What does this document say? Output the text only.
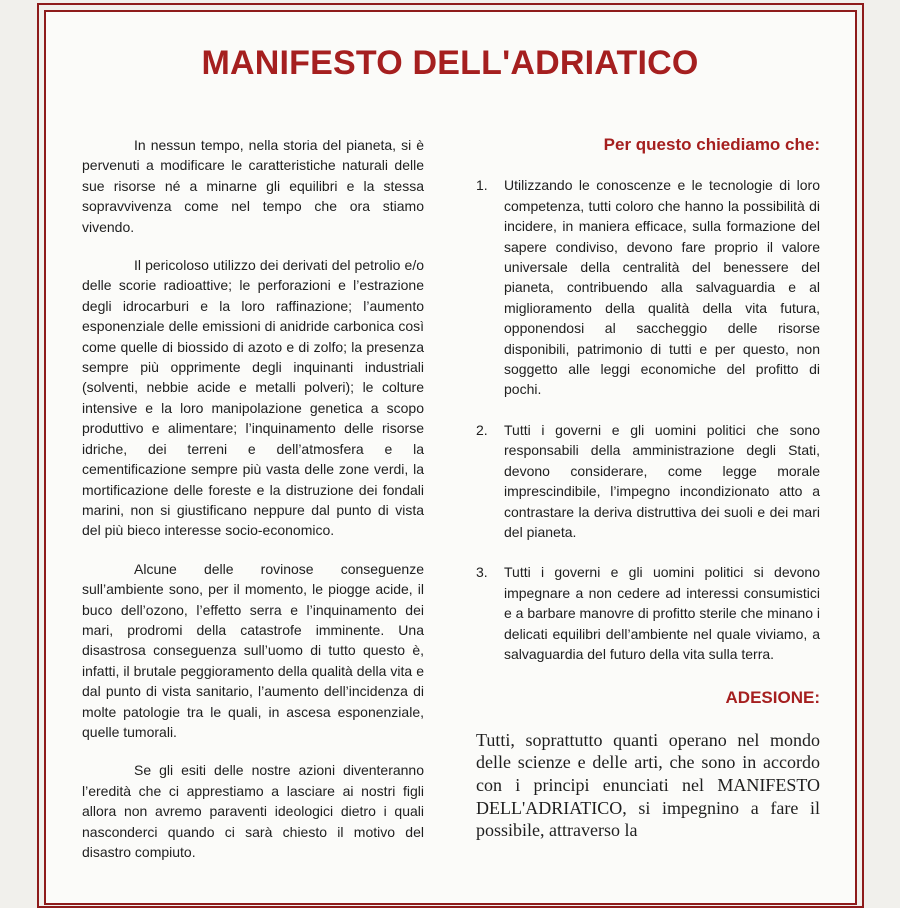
MANIFESTO DELL'ADRIATICO

In nessun tempo, nella storia del pianeta, si è pervenuti a modificare le caratteristiche naturali delle sue risorse né a minarne gli equilibri e la stessa sopravvivenza come nel tempo che ora stiamo vivendo.

Il pericoloso utilizzo dei derivati del petrolio e/o delle scorie radioattive; le perforazioni e l’estrazione degli idrocarburi e la loro raffinazione; l’aumento esponenziale delle emissioni di anidride carbonica così come quelle di biossido di azoto e di zolfo; la presenza sempre più opprimente degli inquinanti industriali (solventi, nebbie acide e metalli polveri); le colture intensive e la loro manipolazione genetica a scopo produttivo e alimentare; l’inquinamento delle risorse idriche, dei terreni e dell’atmosfera e la cementificazione sempre più vasta delle zone verdi, la mortificazione delle foreste e la distruzione dei fondali marini, non si giustificano neppure dal punto di vista del più bieco interesse socio-economico.

Alcune delle rovinose conseguenze sull’ambiente sono, per il momento, le piogge acide, il buco dell’ozono, l’effetto serra e l’inquinamento dei mari, prodromi della catastrofe imminente. Una disastrosa conseguenza sull’uomo di tutto questo è, infatti, il brutale peggioramento della qualità della vita e dal punto di vista sanitario, l’aumento dell’incidenza di molte patologie tra le quali, in ascesa esponenziale, quelle tumorali.

Se gli esiti delle nostre azioni diventeranno l’eredità che ci apprestiamo a lasciare ai nostri figli allora non avremo paraventi ideologici dietro i quali nasconderci quando ci sarà chiesto il motivo del disastro compiuto.

Per questo chiediamo che:
1. Utilizzando le conoscenze e le tecnologie di loro competenza, tutti coloro che hanno la possibilità di incidere, in maniera efficace, sulla formazione del sapere condiviso, devono fare proprio il valore universale della centralità del benessere del pianeta, contribuendo alla salvaguardia e al miglioramento della qualità della vita futura, opponendosi al saccheggio delle risorse disponibili, patrimonio di tutti e per questo, non soggetto alle leggi economiche del profitto di pochi.
2. Tutti i governi e gli uomini politici che sono responsabili della amministrazione degli Stati, devono considerare, come legge morale imprescindibile, l’impegno incondizionato atto a contrastare la deriva distruttiva dei suoli e dei mari del pianeta.
3. Tutti i governi e gli uomini politici si devono impegnare a non cedere ad interessi consumistici e a barbare manovre di profitto sterile che minano i delicati equilibri dell’ambiente nel quale viviamo, a salvaguardia del futuro della vita sulla terra.
ADESIONE:

Tutti, soprattutto quanti operano nel mondo delle scienze e delle arti, che sono in accordo con i principi enunciati nel MANIFESTO DELL'ADRIATICO, si impegnino a fare il possibile, attraverso la
